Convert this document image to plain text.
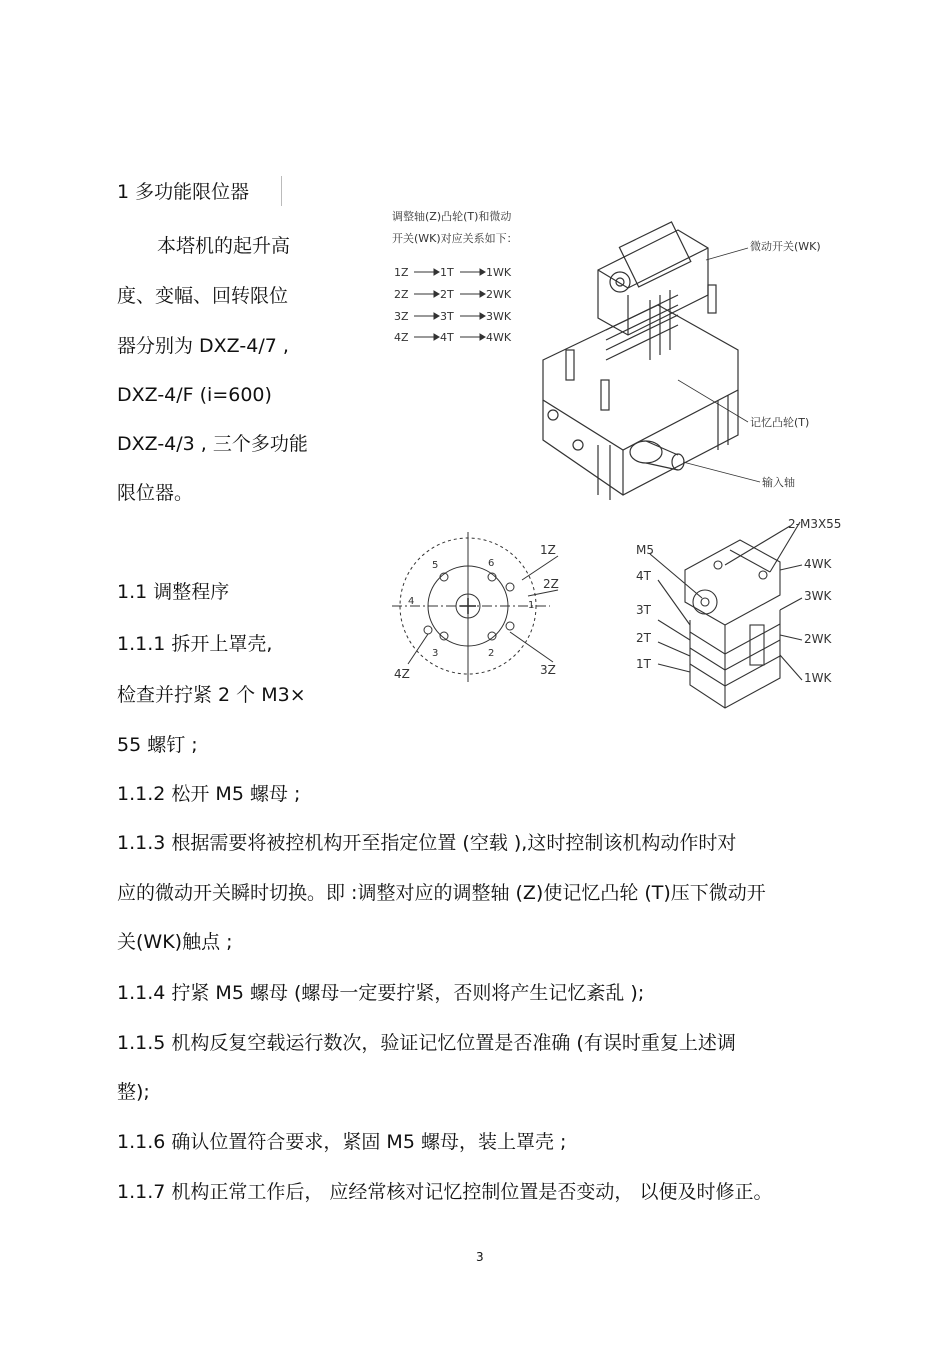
1 多功能限位器
本塔机的起升高
度、变幅、回转限位
器分别为 DXZ-4/7 ,
DXZ-4/F (i=600)
DXZ-4/3 , 三个多功能
限位器。
1.1 调整程序
1.1.1 拆开上罩壳,
检查并拧紧 2 个 M3×
55 螺钉 ;
1.1.2 松开 M5 螺母 ;
1.1.3 根据需要将被控机构开至指定位置 (空载 ),这时控制该机构动作时对
应的微动开关瞬时切换。即 :调整对应的调整轴 (Z)使记忆凸轮 (T)压下微动开
关(WK)触点 ;
1.1.4 拧紧 M5 螺母 (螺母一定要拧紧，否则将产生记忆紊乱 );
1.1.5 机构反复空载运行数次，验证记忆位置是否准确 (有误时重复上述调
整);
1.1.6 确认位置符合要求，紧固 M5 螺母，装上罩壳 ;
1.1.7 机构正常工作后， 应经常核对记忆控制位置是否变动， 以便及时修正。
调整轴(Z)凸轮(T)和微动
开关(WK)对应关系如下：
1Z	1T	1WK
2Z	2T	2WK
3Z	3T	3WK
4Z	4T	4WK
微动开关(WK)
记忆凸轮(T)
输入轴
5	6
1
2
3
4
1Z
2Z
3Z
4Z
2-M3X55
M5
4T
3T
2T
1T
4WK
3WK
2WK
1WK
3
